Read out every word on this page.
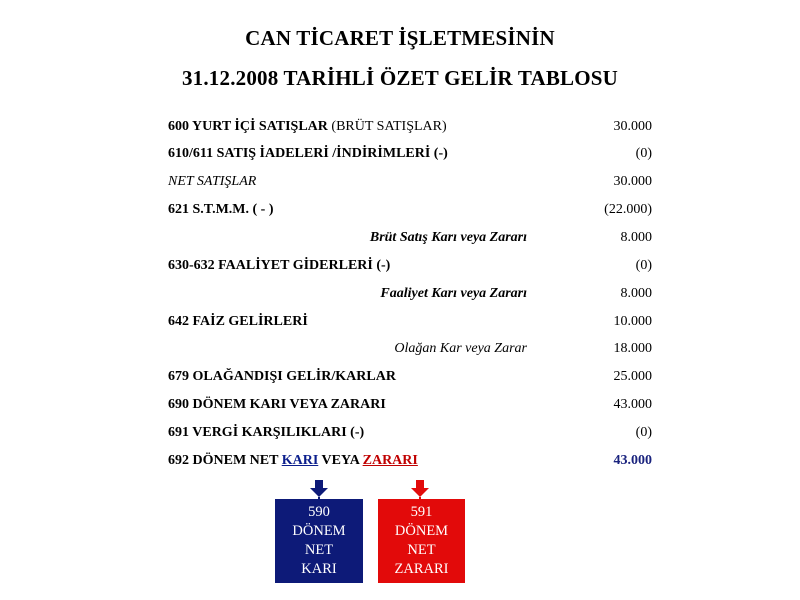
CAN TİCARET İŞLETMESİNİN
31.12.2008 TARİHLİ ÖZET GELİR TABLOSU
600 YURT İÇİ SATIŞLAR (BRÜT SATIŞLAR)	30.000
610/611 SATIŞ İADELERİ /İNDİRİMLERİ (-)	(0)
NET SATIŞLAR	30.000
621 S.T.M.M. ( - )	(22.000)
Brüt Satış Karı veya Zararı	8.000
630-632 FAALİYET GİDERLERİ (-)	(0)
Faaliyet Karı veya Zararı	8.000
642 FAİZ GELİRLERİ	10.000
Olağan Kar veya Zarar	18.000
679 OLAĞANDIŞI GELİR/KARLAR	25.000
690 DÖNEM KARI VEYA ZARARI	43.000
691 VERGİ KARŞILIKLARI (-)	(0)
692 DÖNEM NET KARI VEYA ZARARI	43.000
590
DÖNEM
NET
KARI
591
DÖNEM
NET
ZARARI
